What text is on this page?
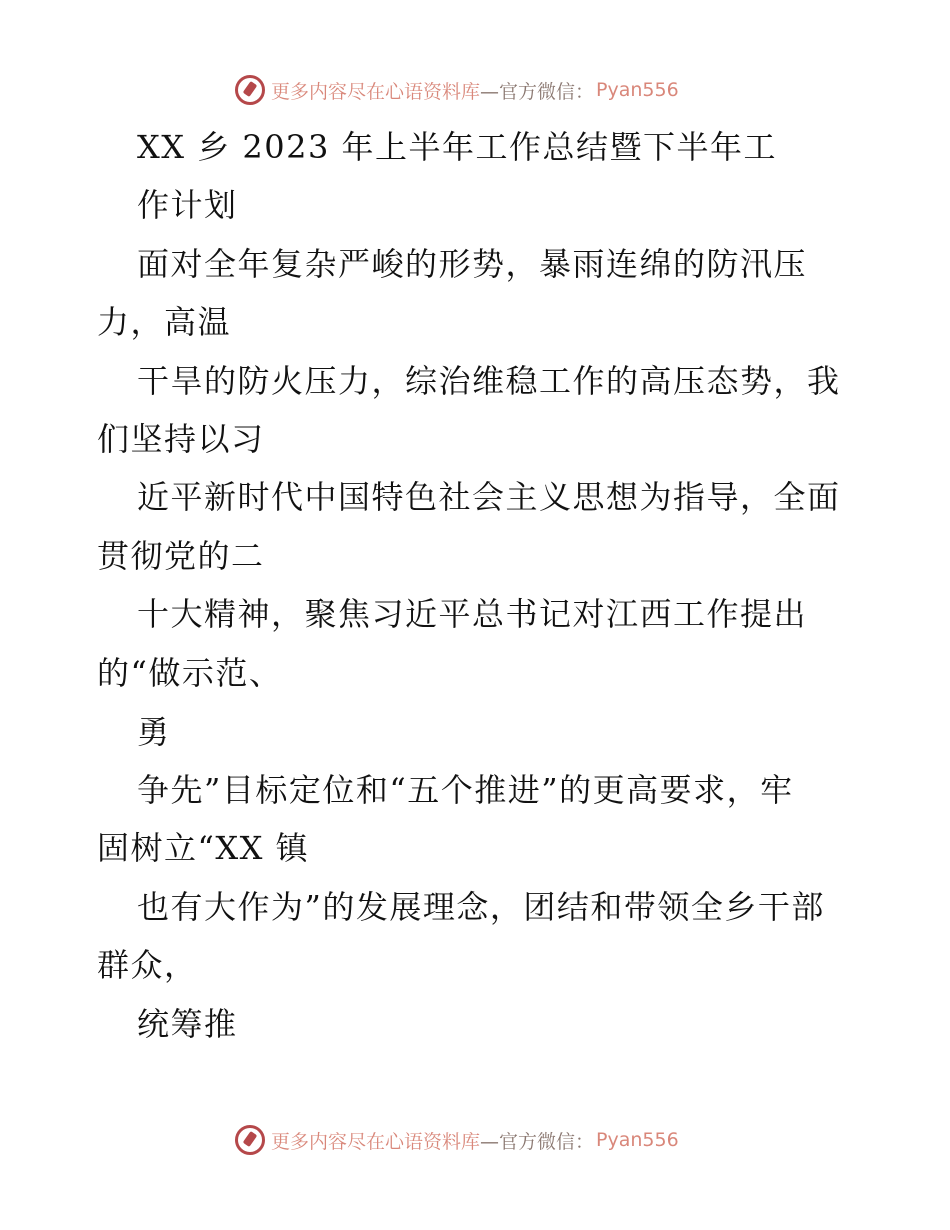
更多内容尽在心语资料库 —官方微信： Pyan556
XX 乡 2023 年上半年工作总结暨下半年工
作计划
面对全年复杂严峻的形势，暴雨连绵的防汛压
力，高温
干旱的防火压力，综治维稳工作的高压态势，我
们坚持以习
近平新时代中国特色社会主义思想为指导，全面
贯彻党的二
十大精神，聚焦习近平总书记对江西工作提出
的“做示范、
勇
争先”目标定位和“五个推进”的更高要求，牢
固树立“XX 镇
也有大作为”的发展理念，团结和带领全乡干部
群众，
统筹推
更多内容尽在心语资料库 —官方微信： Pyan556
